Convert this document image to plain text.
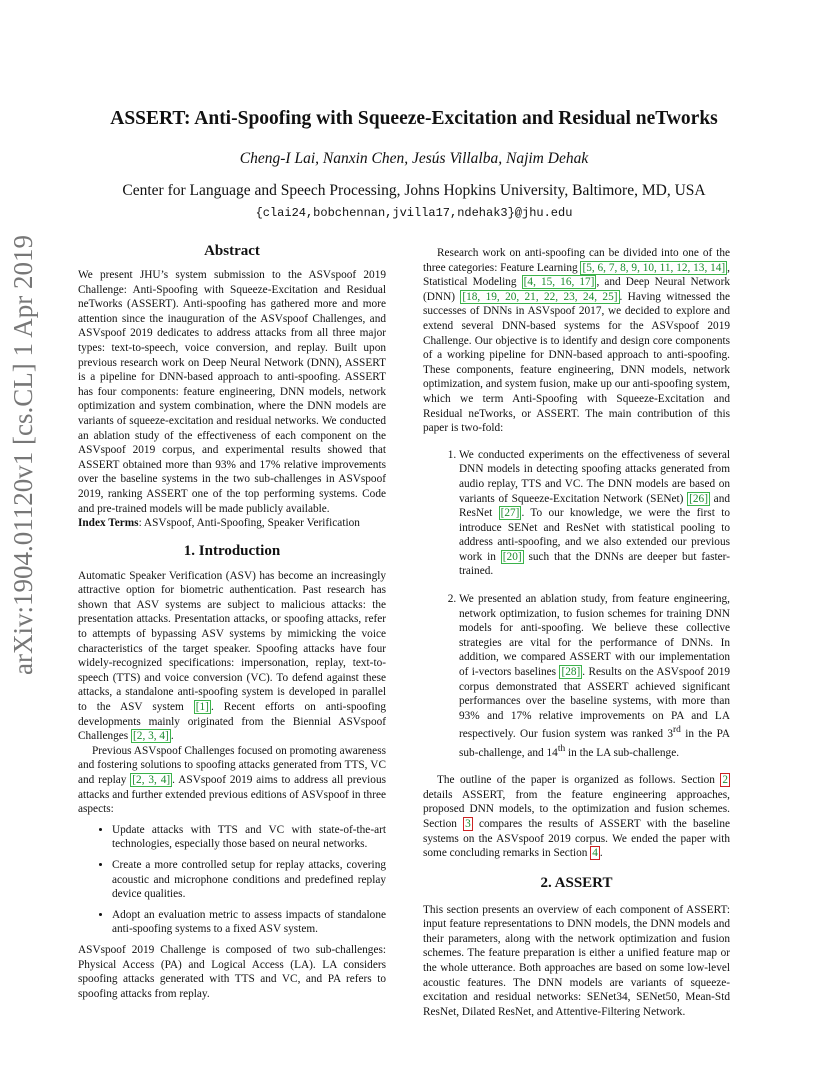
arXiv:1904.01120v1 [cs.CL] 1 Apr 2019
ASSERT: Anti-Spoofing with Squeeze-Excitation and Residual neTworks
Cheng-I Lai, Nanxin Chen, Jesús Villalba, Najim Dehak
Center for Language and Speech Processing, Johns Hopkins University, Baltimore, MD, USA
{clai24,bobchennan,jvilla17,ndehak3}@jhu.edu
Abstract

We present JHU’s system submission to the ASVspoof 2019 Challenge: Anti-Spoofing with Squeeze-Excitation and Residual neTworks (ASSERT). Anti-spoofing has gathered more and more attention since the inauguration of the ASVspoof Challenges, and ASVspoof 2019 dedicates to address attacks from all three major types: text-to-speech, voice conversion, and replay. Built upon previous research work on Deep Neural Network (DNN), ASSERT is a pipeline for DNN-based approach to anti-spoofing. ASSERT has four components: feature engineering, DNN models, network optimization and system combination, where the DNN models are variants of squeeze-excitation and residual networks. We conducted an ablation study of the effectiveness of each component on the ASVspoof 2019 corpus, and experimental results showed that ASSERT obtained more than 93% and 17% relative improvements over the baseline systems in the two sub-challenges in ASVspoof 2019, ranking ASSERT one of the top performing systems. Code and pre-trained models will be made publicly available.

Index Terms: ASVspoof, Anti-Spoofing, Speaker Verification

1. Introduction

Automatic Speaker Verification (ASV) has become an increasingly attractive option for biometric authentication. Past research has shown that ASV systems are subject to malicious attacks: the presentation attacks. Presentation attacks, or spoofing attacks, refer to attempts of bypassing ASV systems by mimicking the voice characteristics of the target speaker. Spoofing attacks have four widely-recognized specifications: impersonation, replay, text-to-speech (TTS) and voice conversion (VC). To defend against these attacks, a standalone anti-spoofing system is developed in parallel to the ASV system [1] . Recent efforts on anti-spoofing developments mainly originated from the Biennial ASVspoof Challenges [2, 3, 4] .

Previous ASVspoof Challenges focused on promoting awareness and fostering solutions to spoofing attacks generated from TTS, VC and replay [2, 3, 4] . ASVspoof 2019 aims to address all previous attacks and further extended previous editions of ASVspoof in three aspects:

• Update attacks with TTS and VC with state-of-the-art technologies, especially those based on neural networks.
• Create a more controlled setup for replay attacks, covering acoustic and microphone conditions and predefined replay device qualities.
• Adopt an evaluation metric to assess impacts of standalone anti-spoofing systems to a fixed ASV system.

ASVspoof 2019 Challenge is composed of two sub-challenges: Physical Access (PA) and Logical Access (LA). LA considers spoofing attacks generated with TTS and VC, and PA refers to spoofing attacks from replay.

Research work on anti-spoofing can be divided into one of the three categories: Feature Learning [5, 6, 7, 8, 9, 10, 11, 12, 13, 14] , Statistical Modeling [4, 15, 16, 17] , and Deep Neural Network (DNN) [18, 19, 20, 21, 22, 23, 24, 25] . Having witnessed the successes of DNNs in ASVspoof 2017, we decided to explore and extend several DNN-based systems for the ASVspoof 2019 Challenge. Our objective is to identify and design core components of a working pipeline for DNN-based approach to anti-spoofing. These components, feature engineering, DNN models, network optimization, and system fusion, make up our anti-spoofing system, which we term Anti-Spoofing with Squeeze-Excitation and Residual neTworks, or ASSERT. The main contribution of this paper is two-fold:

1. We conducted experiments on the effectiveness of several DNN models in detecting spoofing attacks generated from audio replay, TTS and VC. The DNN models are based on variants of Squeeze-Excitation Network (SENet) [26] and ResNet [27] . To our knowledge, we were the first to introduce SENet and ResNet with statistical pooling to address anti-spoofing, and we also extended our previous work in [20] such that the DNNs are deeper but faster-trained.
2. We presented an ablation study, from feature engineering, network optimization, to fusion schemes for training DNN models for anti-spoofing. We believe these collective strategies are vital for the performance of DNNs. In addition, we compared ASSERT with our implementation of i-vectors baselines [28] . Results on the ASVspoof 2019 corpus demonstrated that ASSERT achieved significant performances over the baseline systems, with more than 93% and 17% relative improvements on PA and LA respectively. Our fusion system was ranked 3rd in the PA sub-challenge, and 14th in the LA sub-challenge.

The outline of the paper is organized as follows. Section 2 details ASSERT, from the feature engineering approaches, proposed DNN models, to the optimization and fusion schemes. Section 3 compares the results of ASSERT with the baseline systems on the ASVspoof 2019 corpus. We ended the paper with some concluding remarks in Section 4 .

2. ASSERT

This section presents an overview of each component of ASSERT: input feature representations to DNN models, the DNN models and their parameters, along with the network optimization and fusion schemes. The feature preparation is either a unified feature map or the whole utterance. Both approaches are based on some low-level acoustic features. The DNN models are variants of squeeze-excitation and residual networks: SENet34, SENet50, Mean-Std ResNet, Dilated ResNet, and Attentive-Filtering Network.
